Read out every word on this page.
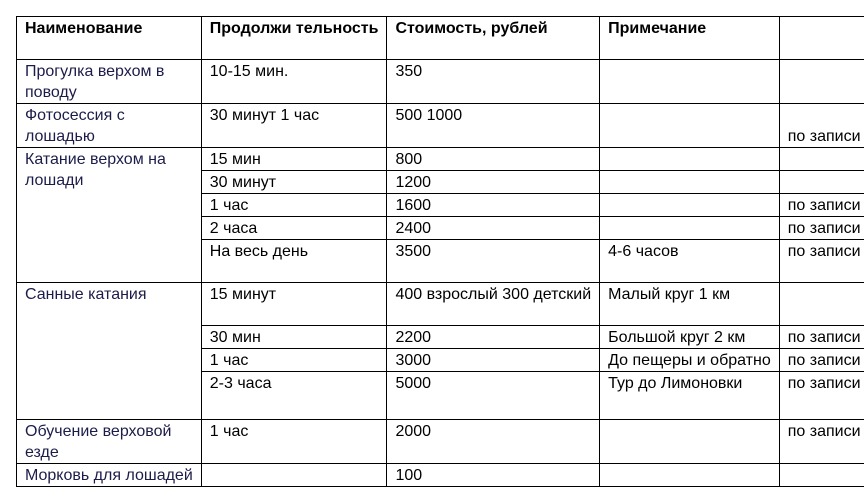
Наименование	Продолжи тельность	Стоимость, рублей	Примечание	
Прогулка верхом в поводу	10-15 мин.	350		
Фотосессия с лошадью	30 минут 1 час	500 1000		по записи
Катание верхом на лошади	15 мин	800		
	30 минут	1200		
	1 час	1600		по записи
	2 часа	2400		по записи
	На весь день	3500	4-6 часов	по записи
Санные катания	15 минут	400 взрослый 300 детский	Малый круг 1 км	
	30 мин	2200	Большой круг 2 км	по записи
	1 час	3000	До пещеры и обратно	по записи
	2-3 часа	5000	Тур до Лимоновки	по записи
Обучение верховой езде	1 час	2000		по записи
Морковь для лошадей		100		
